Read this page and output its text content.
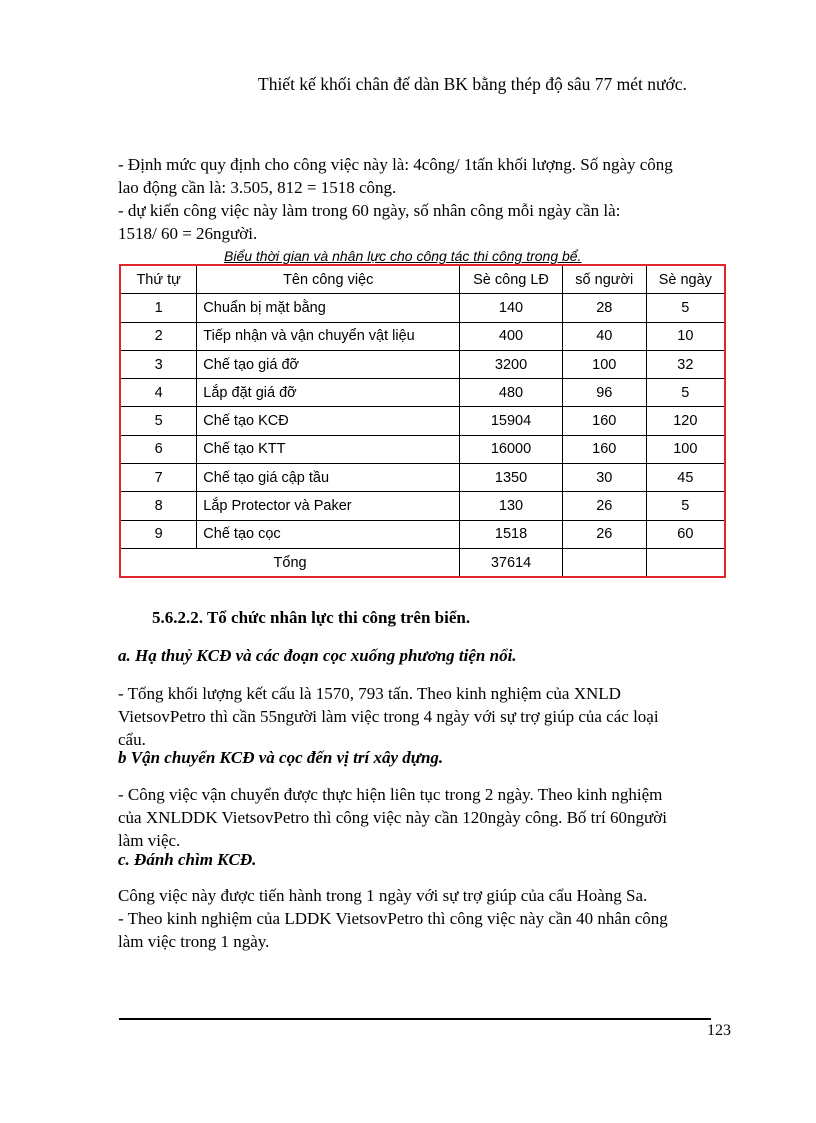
Thiết kế khối chân đế dàn BK bằng thép độ sâu 77 mét nước.

- Định mức quy định cho công việc này là: 4công/ 1tấn khối lượng. Số ngày công
lao động cần là: 3.505, 812 = 1518 công.
- dự kiến công việc này làm trong 60 ngày, số nhân công mỗi ngày cần là:
1518/ 60 = 26người.

Biểu thời gian và nhân lực cho công tác thi công trong bể.
Thứ tự	Tên công việc	Sè công LĐ	số người	Sè ngày
1	Chuẩn bị mặt bằng	140	28	5
2	Tiếp nhận và vận chuyển vật liệu	400	40	10
3	Chế tạo giá đỡ	3200	100	32
4	Lắp đặt giá đỡ	480	96	5
5	Chế tạo KCĐ	15904	160	120
6	Chế tạo KTT	16000	160	100
7	Chế tạo giá cập tầu	1350	30	45
8	Lắp Protector và Paker	130	26	5
9	Chế tạo cọc	1518	26	60
Tổng		37614		
5.6.2.2. Tổ chức nhân lực thi công trên biển.
a. Hạ thuỷ KCĐ và các đoạn cọc xuống phương tiện nổi.

- Tổng khối lượng kết cấu là 1570, 793 tấn. Theo kinh nghiệm của XNLD
VietsovPetro thì cần 55người làm việc trong 4 ngày với sự trợ giúp của các loại
cẩu.

b Vận chuyển KCĐ và cọc đến vị trí xây dựng.

- Công việc vận chuyển được thực hiện liên tục trong 2 ngày. Theo kinh nghiệm
của XNLDDK VietsovPetro thì công việc này cần 120ngày công. Bố trí 60người
làm việc.

c. Đánh chìm KCĐ.

Công việc này được tiến hành trong 1 ngày với sự trợ giúp của cẩu Hoàng Sa.
- Theo kinh nghiệm của LDDK VietsovPetro thì công việc này cần 40 nhân công
làm việc trong 1 ngày.

123
